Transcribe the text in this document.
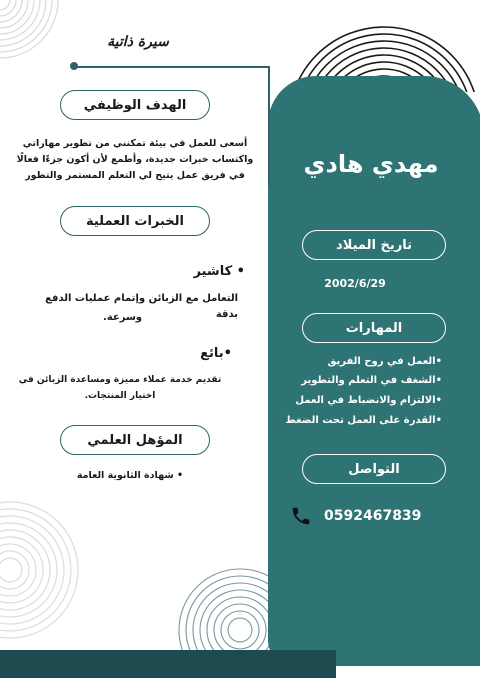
سيرة ذاتية
الهدف الوظيفي
أسعى للعمل في بيئة تمكنني من تطوير مهاراتي
واكتساب خبرات جديدة، وأطمع لأن أكون جزءًا فعالًا
في فريق عمل يتيح لي التعلم المستمر والتطور
الخبرات العملية
• كاشير
التعامل مع الزبائن وإتمام عمليات الدفع بدقة
وسرعة.
•بائع
تقديم خدمة عملاء مميزة ومساعدة الزبائن في
اختيار المنتجات.
المؤهل العلمي
• شهادة الثانوية العامة
مهدي هادي
تاريخ الميلاد
2002/6/29
المهارات
•العمل في روح الفريق
•الشغف في التعلم والتطوير
•الالتزام والانضباط في العمل
•القدرة على العمل تحت الضغط
التواصل
0592467839
